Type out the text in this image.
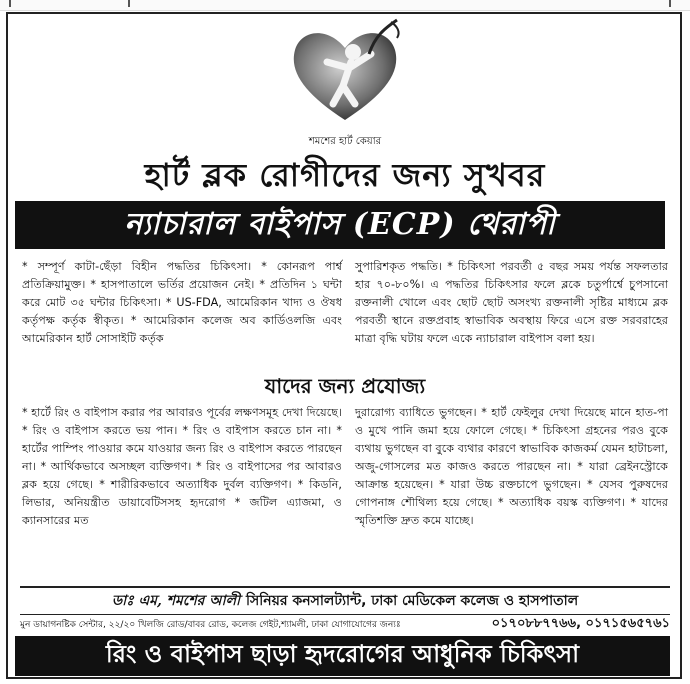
শমশের হার্ট কেয়ার
হার্ট ব্লক রোগীদের জন্য সুখবর
ন্যাচারাল বাইপাস (ECP) থেরাপী
* সম্পূর্ণ কাটা-ছেঁড়া বিহীন পদ্ধতির চিকিৎসা। * কোনরূপ পার্শ্ব প্রতিক্রিয়ামুক্ত। * হাসপাতালে ভর্তির প্রয়োজন নেই। * প্রতিদিন ১ ঘন্টা করে মোট ৩৫ ঘন্টার চিকিৎসা। * US-FDA, আমেরিকান খাদ্য ও ঔষধ কর্তৃপক্ষ কর্তৃক স্বীকৃত। * আমেরিকান কলেজ অব কার্ডিওলজি এবং আমেরিকান হার্ট সোসাইটি কর্তৃক
সুপারিশকৃত পদ্ধতি। * চিকিৎসা পরবর্তী ৫ বছর সময় পর্যন্ত সফলতার হার ৭০-৮০%। এ পদ্ধতির চিকিৎসার ফলে ব্লকে চতুর্পার্শ্বে চুপসানো রক্তনালী খোলে এবং ছোট ছোট অসংখ্য রক্তনালী সৃষ্টির মাধ্যমে ব্লক পরবর্তী স্থানে রক্তপ্রবাহ স্বাভাবিক অবস্থায় ফিরে এসে রক্ত সরবরাহের মাত্রা বৃদ্ধি ঘটায় ফলে একে ন্যাচারাল বাইপাস বলা হয়।
যাদের জন্য প্রযোজ্য
* হার্টে রিং ও বাইপাস করার পর আবারও পূর্বের লক্ষণসমূহ দেখা দিয়েছে। * রিং ও বাইপাস করতে ভয় পান। * রিং ও বাইপাস করতে চান না। * হার্টের পাম্পিং পাওয়ার কমে যাওয়ার জন্য রিং ও বাইপাস করতে পারছেন না। * আর্থিকভাবে অসচ্ছল ব্যক্তিগণ। * রিং ও বাইপাসের পর আবারও ব্লক হয়ে গেছে। * শারীরিকভাবে অত্যাধিক দুর্বল ব্যক্তিগণ। * কিডনি, লিভার, অনিয়ন্ত্রীত ডায়াবেটিসসহ হৃদরোগ * জটিল এ্যাজমা, ও ক্যানসারের মত
দুরারোগ্য ব্যাধিতে ভুগছেন। * হার্ট ফেইলুর দেখা দিয়েছে মানে হাত-পা ও মুখে পানি জমা হয়ে ফোলে গেছে। * চিকিৎসা গ্রহনের পরও বুকে ব্যথায় ভুগছেন বা বুকে ব্যথার কারণে স্বাভাবিক কাজকর্ম যেমন হাটাচলা, অজু-গোসলের মত কাজও করতে পারছেন না। * যারা ব্রেইনস্ট্রোকে আক্রান্ত হয়েছেন। * যারা উচ্চ রক্তচাপে ভুগছেন। * যেসব পুরুষদের গোপনাঙ্গ শৌথিল্য হয়ে গেছে। * অত্যাধিক বয়স্ক ব্যক্তিগণ। * যাদের স্মৃতিশক্তি দ্রুত কমে যাচ্ছে।
ডাঃ এম, শমশের আলী সিনিয়র কনসালট্যান্ট, ঢাকা মেডিকেল কলেজ ও হাসপাতাল
মুন ডায়াগনষ্টিক সেন্টার, ২২/২০ খিলজি রোড/বাবর রোড, কলেজ গেইট,শ্যামলী, ঢাকা যোগাযোগের জন্যঃ	০১৭০৮৮৭৭৬৬, ০১৭১৫৬৫৭৬১
রিং ও বাইপাস ছাড়া হৃদরোগের আধুনিক চিকিৎসা
